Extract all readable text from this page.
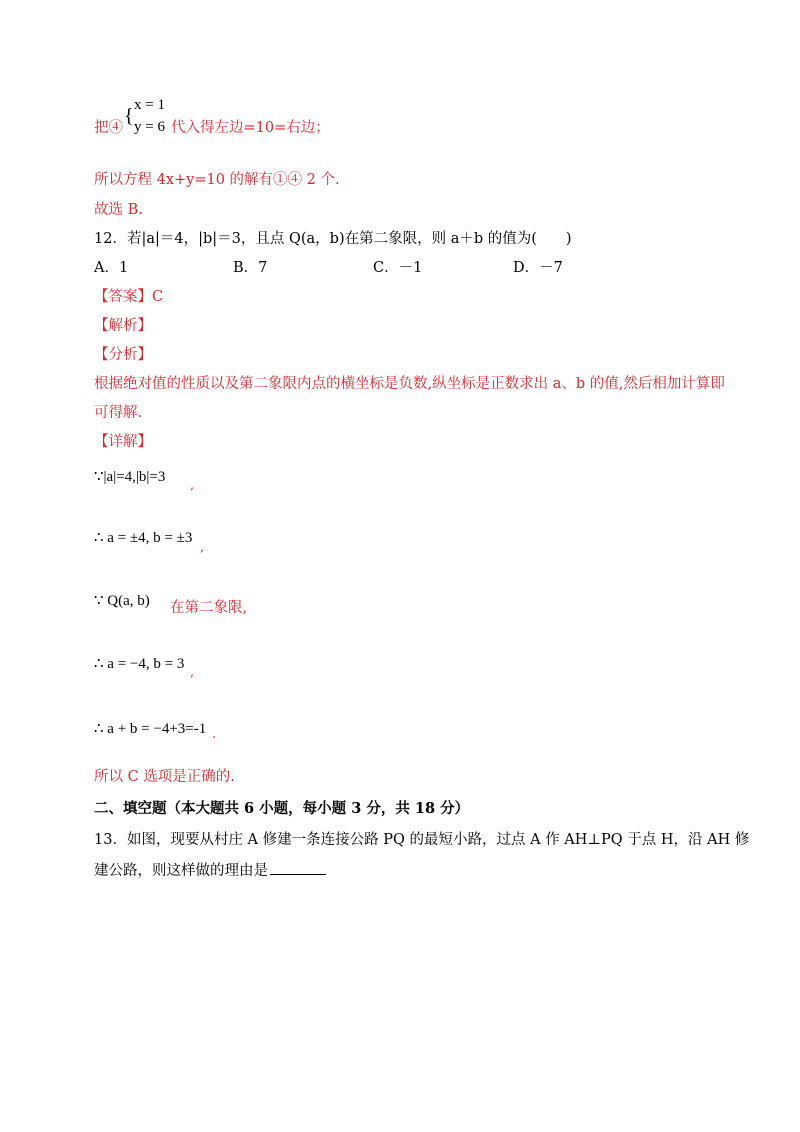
把④
{ x = 1
y = 6 代入得左边=10=右边；
所以方程 4x+y=10 的解有①④ 2 个.
故选 B.
12．若|a|＝4，|b|＝3，且点 Q(a，b)在第二象限，则 a＋b 的值为(　　)
A．1	B．7	C．－1	D．－7
【答案】C
【解析】
【分析】
根据绝对值的性质以及第二象限内点的横坐标是负数,纵坐标是正数求出 a、b 的值,然后相加计算即
可得解.
【详解】
∵|a|=4,|b|=3
,
∴ a = ±4, b = ±3
,
∵ Q(a, b) 在第二象限,
∴ a = −4, b = 3
,
∴ a + b = −4+3=-1 .
所以 C 选项是正确的.
二、填空题（本大题共 6 小题，每小题 3 分，共 18 分）
13．如图，现要从村庄 A 修建一条连接公路 PQ 的最短小路，过点 A 作 AH⊥PQ 于点 H，沿 AH 修
建公路，则这样做的理由是
